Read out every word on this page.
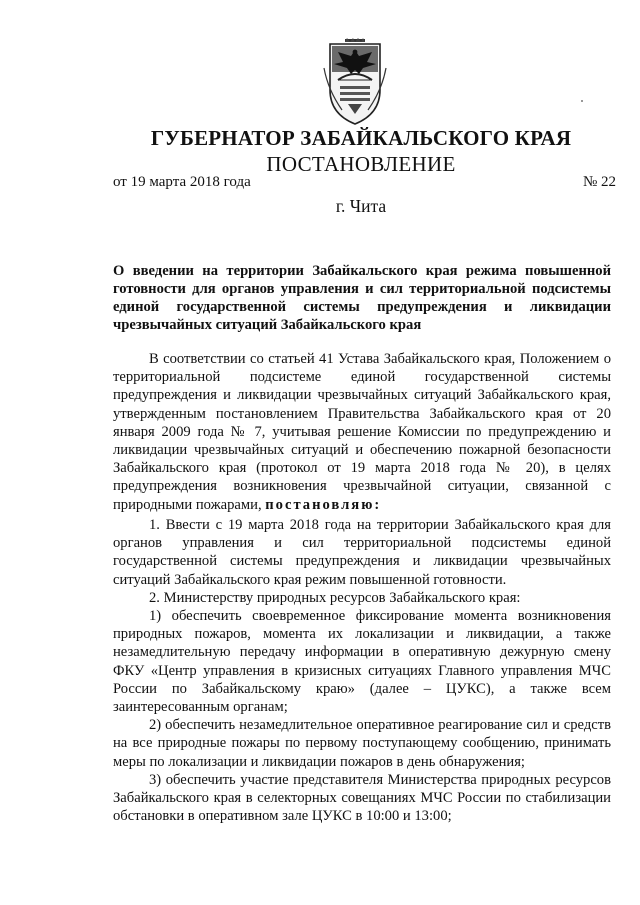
ГУБЕРНАТОР ЗАБАЙКАЛЬСКОГО КРАЯ
ПОСТАНОВЛЕНИЕ
от 19 марта 2018 года	№ 22
г. Чита
О введении на территории Забайкальского края режима повышенной готовности для органов управления и сил территориальной подсистемы единой государственной системы предупреждения и ликвидации чрезвычайных ситуаций Забайкальского края

В соответствии со статьей 41 Устава Забайкальского края, Положением о территориальной подсистеме единой государственной системы предупреждения и ликвидации чрезвычайных ситуаций Забайкальского края, утвержденным постановлением Правительства Забайкальского края от 20 января 2009 года № 7, учитывая решение Комиссии по предупреждению и ликвидации чрезвычайных ситуаций и обеспечению пожарной безопасности Забайкальского края (протокол от 19 марта 2018 года № 20), в целях предупреждения возникновения чрезвычайной ситуации, связанной с природными пожарами, постановляю:

1. Ввести с 19 марта 2018 года на территории Забайкальского края для органов управления и сил территориальной подсистемы единой государственной системы предупреждения и ликвидации чрезвычайных ситуаций Забайкальского края режим повышенной готовности.

2. Министерству природных ресурсов Забайкальского края:

1) обеспечить своевременное фиксирование момента возникновения природных пожаров, момента их локализации и ликвидации, а также незамедлительную передачу информации в оперативную дежурную смену ФКУ «Центр управления в кризисных ситуациях Главного управления МЧС России по Забайкальскому краю» (далее – ЦУКС), а также всем заинтересованным органам;

2) обеспечить незамедлительное оперативное реагирование сил и средств на все природные пожары по первому поступающему сообщению, принимать меры по локализации и ликвидации пожаров в день обнаружения;

3) обеспечить участие представителя Министерства природных ресурсов Забайкальского края в селекторных совещаниях МЧС России по стабилизации обстановки в оперативном зале ЦУКС в 10:00 и 13:00;
